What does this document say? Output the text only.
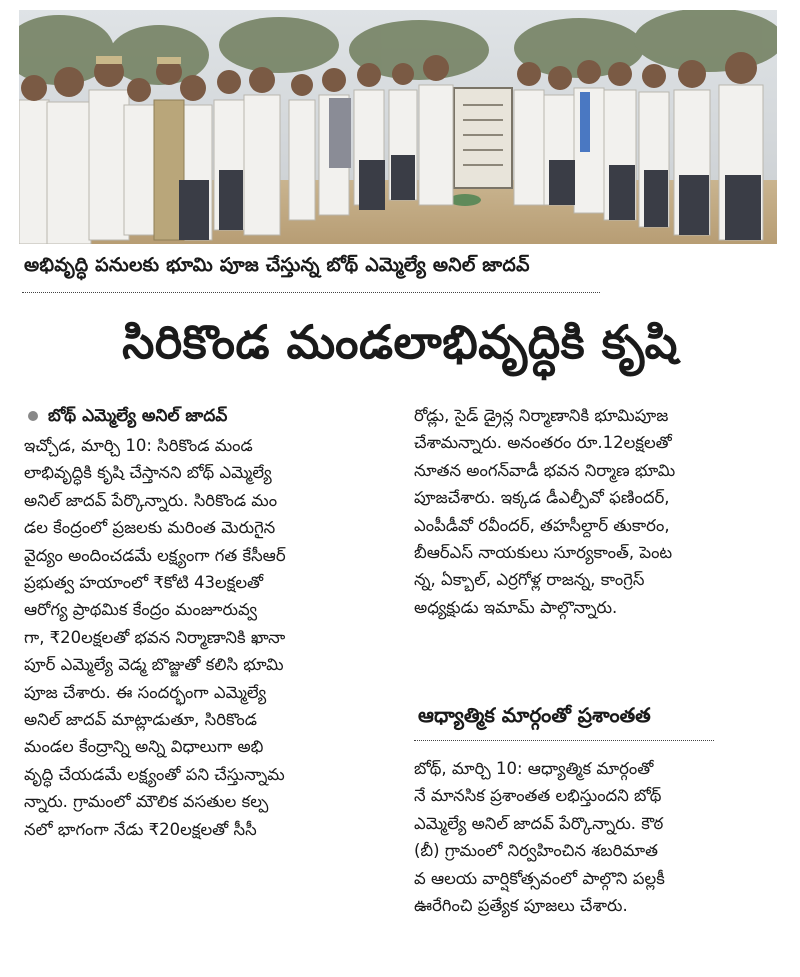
అభివృద్ధి పనులకు భూమి పూజ చేస్తున్న బోథ్ ఎమ్మెల్యే అనిల్ జాదవ్
సిరికొండ మండలాభివృద్ధికి కృషి
బోథ్ ఎమ్మెల్యే అనిల్ జాదవ్
ఇచ్చోడ, మార్చి 10: సిరికొండ మండ
లాభివృద్ధికి కృషి చేస్తానని బోథ్ ఎమ్మెల్యే
అనిల్ జాదవ్ పేర్కొన్నారు. సిరికొండ మం
డల కేంద్రంలో ప్రజలకు మరింత మెరుగైన
వైద్యం అందించడమే లక్ష్యంగా గత కేసీఆర్
ప్రభుత్వ హయాంలో ₹కోటి 43లక్షలతో
ఆరోగ్య ప్రాథమిక కేంద్రం మంజూరువ్వ
గా, ₹20లక్షలతో భవన నిర్మాణానికి ఖానా
పూర్ ఎమ్మెల్యే వెడ్మ బొజ్జుతో కలిసి భూమి
పూజ చేశారు. ఈ సందర్భంగా ఎమ్మెల్యే
అనిల్ జాదవ్ మాట్లాడుతూ, సిరికొండ
మండల కేంద్రాన్ని అన్ని విధాలుగా అభి
వృద్ధి చేయడమే లక్ష్యంతో పని చేస్తున్నామ
న్నారు. గ్రామంలో మౌలిక వసతుల కల్ప
నలో భాగంగా నేడు ₹20లక్షలతో సీసీ
రోడ్లు, సైడ్ డ్రైన్ల నిర్మాణానికి భూమిపూజ
చేశామన్నారు. అనంతరం రూ.12లక్షలతో
నూతన అంగన్‌వాడీ భవన నిర్మాణ భూమి
పూజచేశారు. ఇక్కడ డీఎల్పీవో ఫణిందర్,
ఎంపీడీవో రవీందర్, తహసీల్దార్ తుకారం,
బీఆర్ఎస్ నాయకులు సూర్యకాంత్, పెంట
న్న, ఏక్బాల్, ఎర్రగోళ్ల రాజన్న, కాంగ్రెస్
అధ్యక్షుడు ఇమామ్ పాల్గొన్నారు.
ఆధ్యాత్మిక మార్గంతో ప్రశాంతత
బోథ్, మార్చి 10: ఆధ్యాత్మిక మార్గంతో
నే మానసిక ప్రశాంతత లభిస్తుందని బోథ్
ఎమ్మెల్యే అనిల్ జాదవ్ పేర్కొన్నారు. కౌఠ
(బీ) గ్రామంలో నిర్వహించిన శబరిమాత
వ ఆలయ వార్షికోత్సవంలో పాల్గొని పల్లకీ
ఊరేగించి ప్రత్యేక పూజలు చేశారు.
